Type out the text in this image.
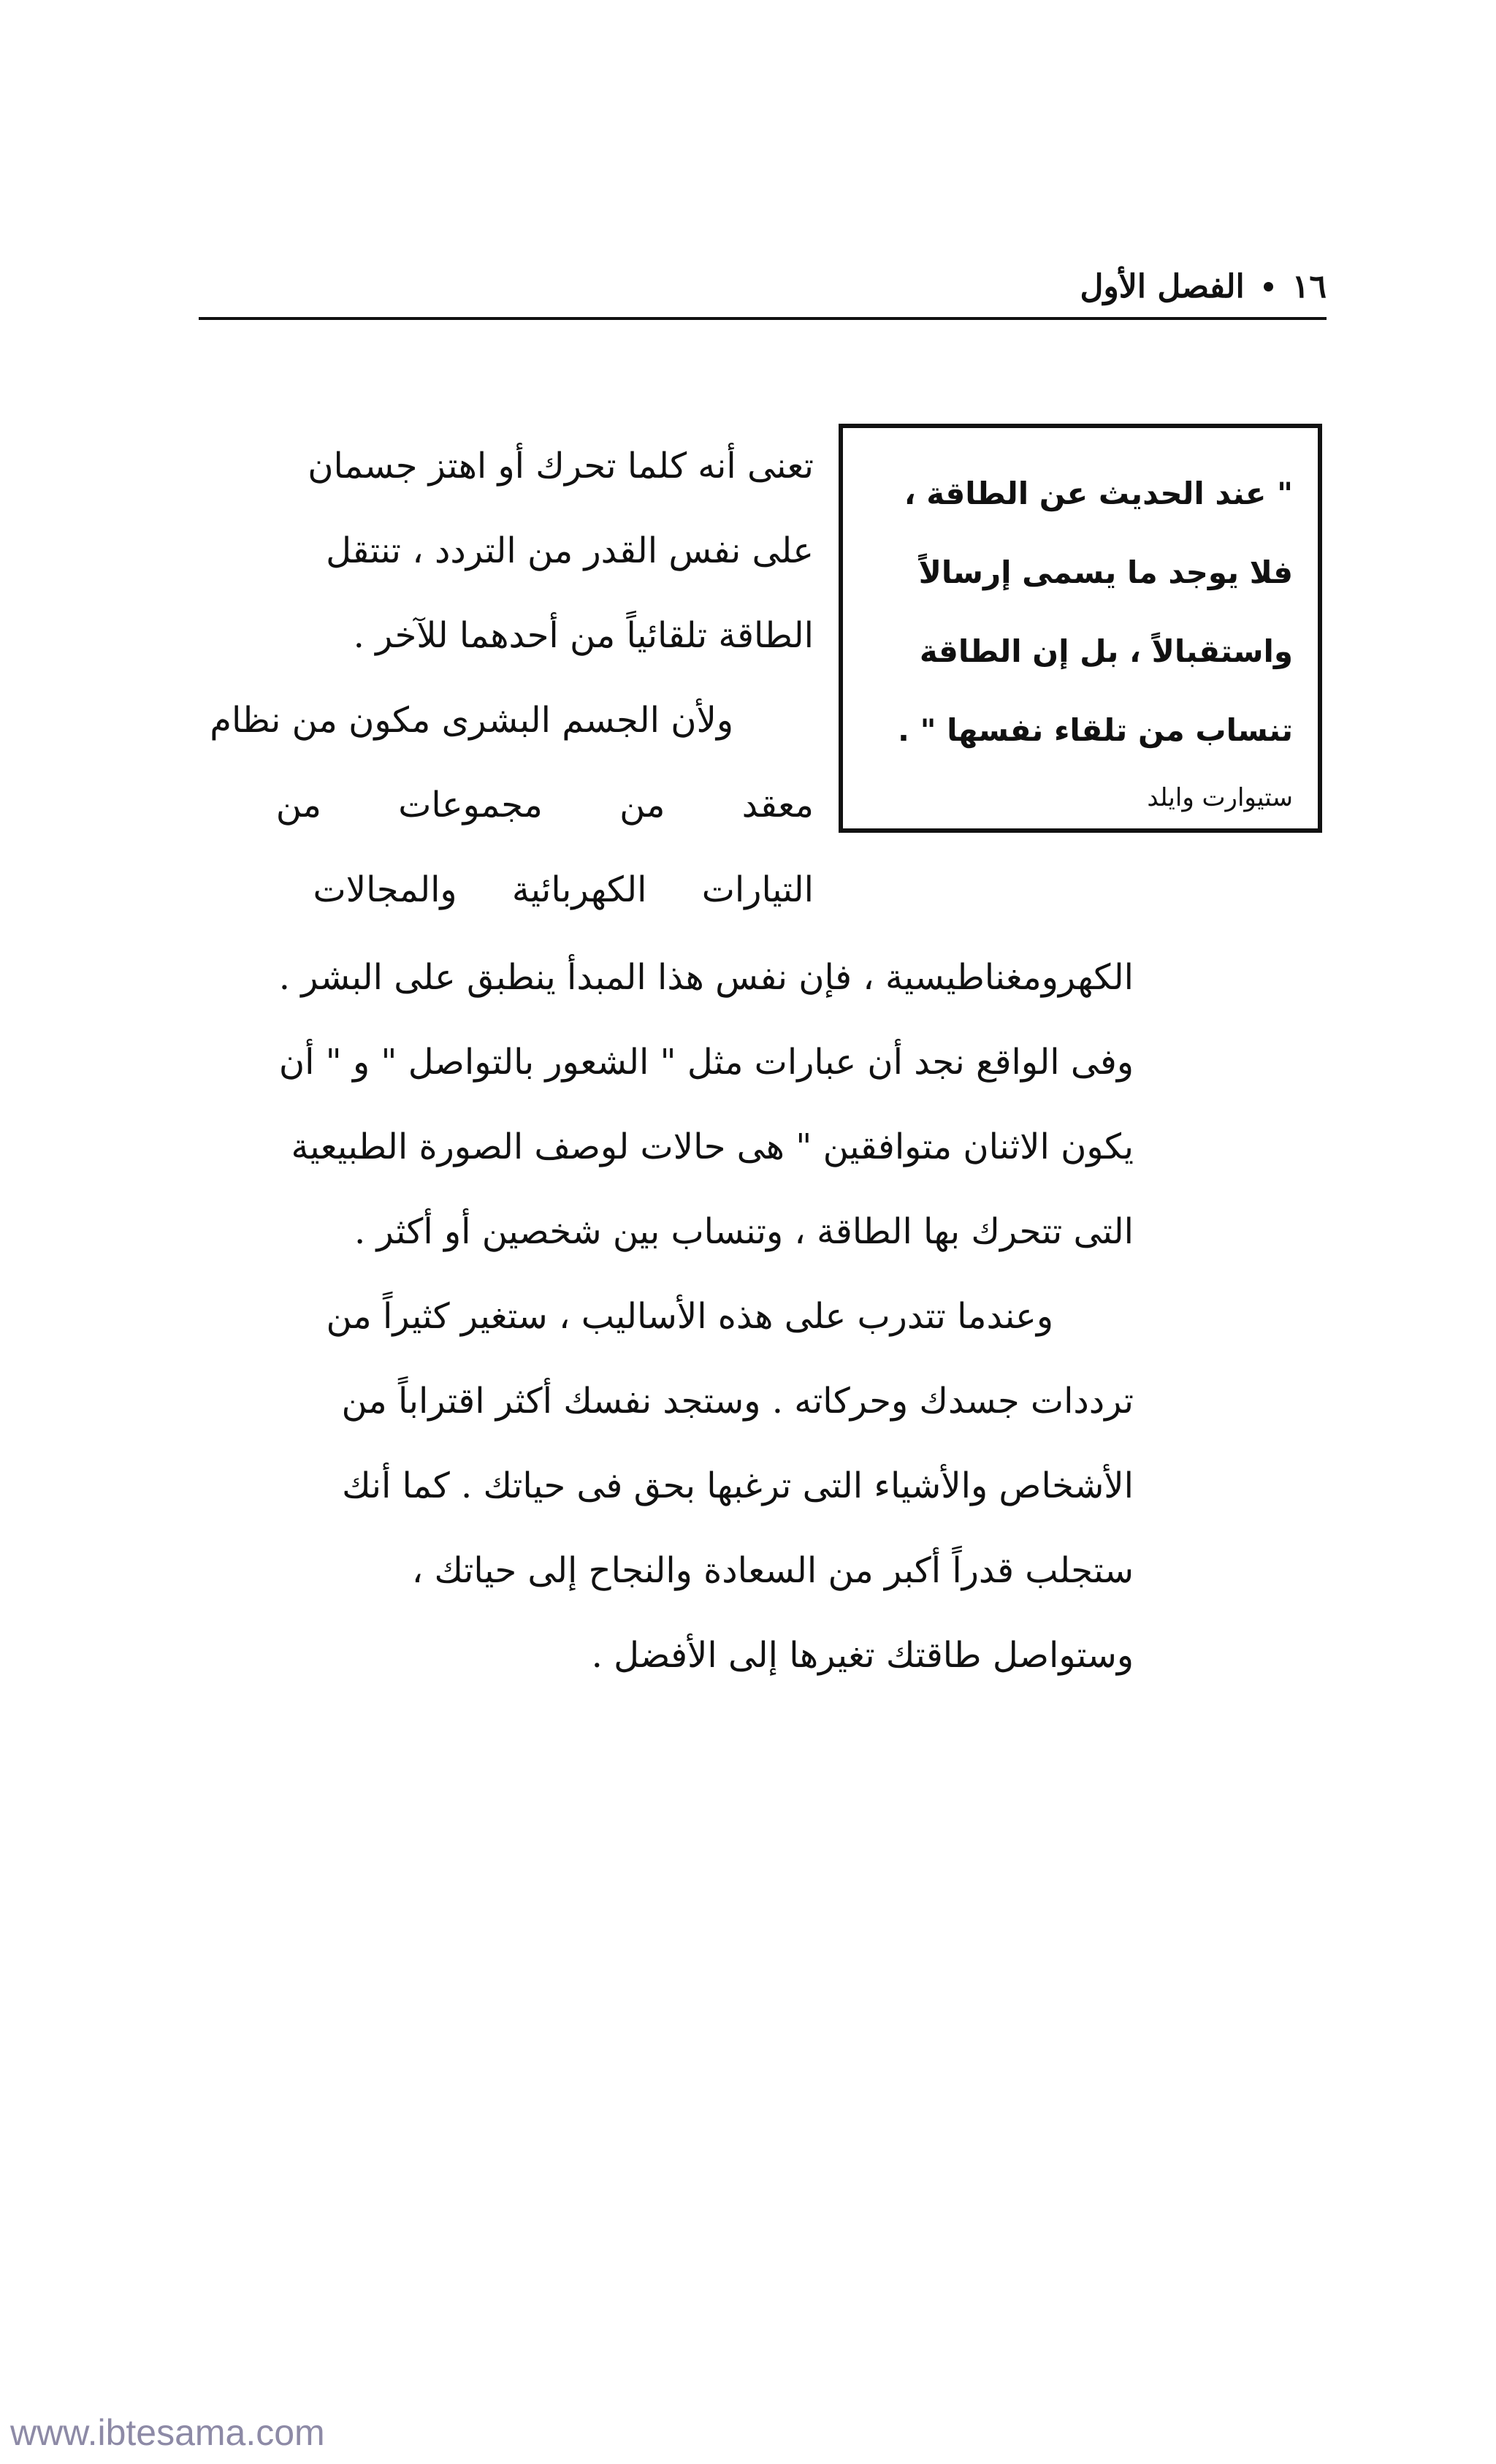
١٦
الفصل الأول

" عند الحديث عن الطاقة ،

فلا يوجد ما يسمى إرسالاً

واستقبالاً ، بل إن الطاقة

تنساب من تلقاء نفسها " .

ستيوارت وايلد
تعنى أنه كلما تحرك أو اهتز جسمان
على نفس القدر من التردد ، تنتقل
الطاقة تلقائياً من أحدهما للآخر .
ولأن الجسم البشرى مكون من نظام
معقد من مجموعات من
التيارات الكهربائية والمجالات
الكهرومغناطيسية ، فإن نفس هذا المبدأ ينطبق على البشر .
وفى الواقع نجد أن عبارات مثل " الشعور بالتواصل " و " أن
يكون الاثنان متوافقين " هى حالات لوصف الصورة الطبيعية
التى تتحرك بها الطاقة ، وتنساب بين شخصين أو أكثر .
وعندما تتدرب على هذه الأساليب ، ستغير كثيراً من
ترددات جسدك وحركاته . وستجد نفسك أكثر اقتراباً من
الأشخاص والأشياء التى ترغبها بحق فى حياتك . كما أنك
ستجلب قدراً أكبر من السعادة والنجاح إلى حياتك ،
وستواصل طاقتك تغيرها إلى الأفضل .
www.ibtesama.com
